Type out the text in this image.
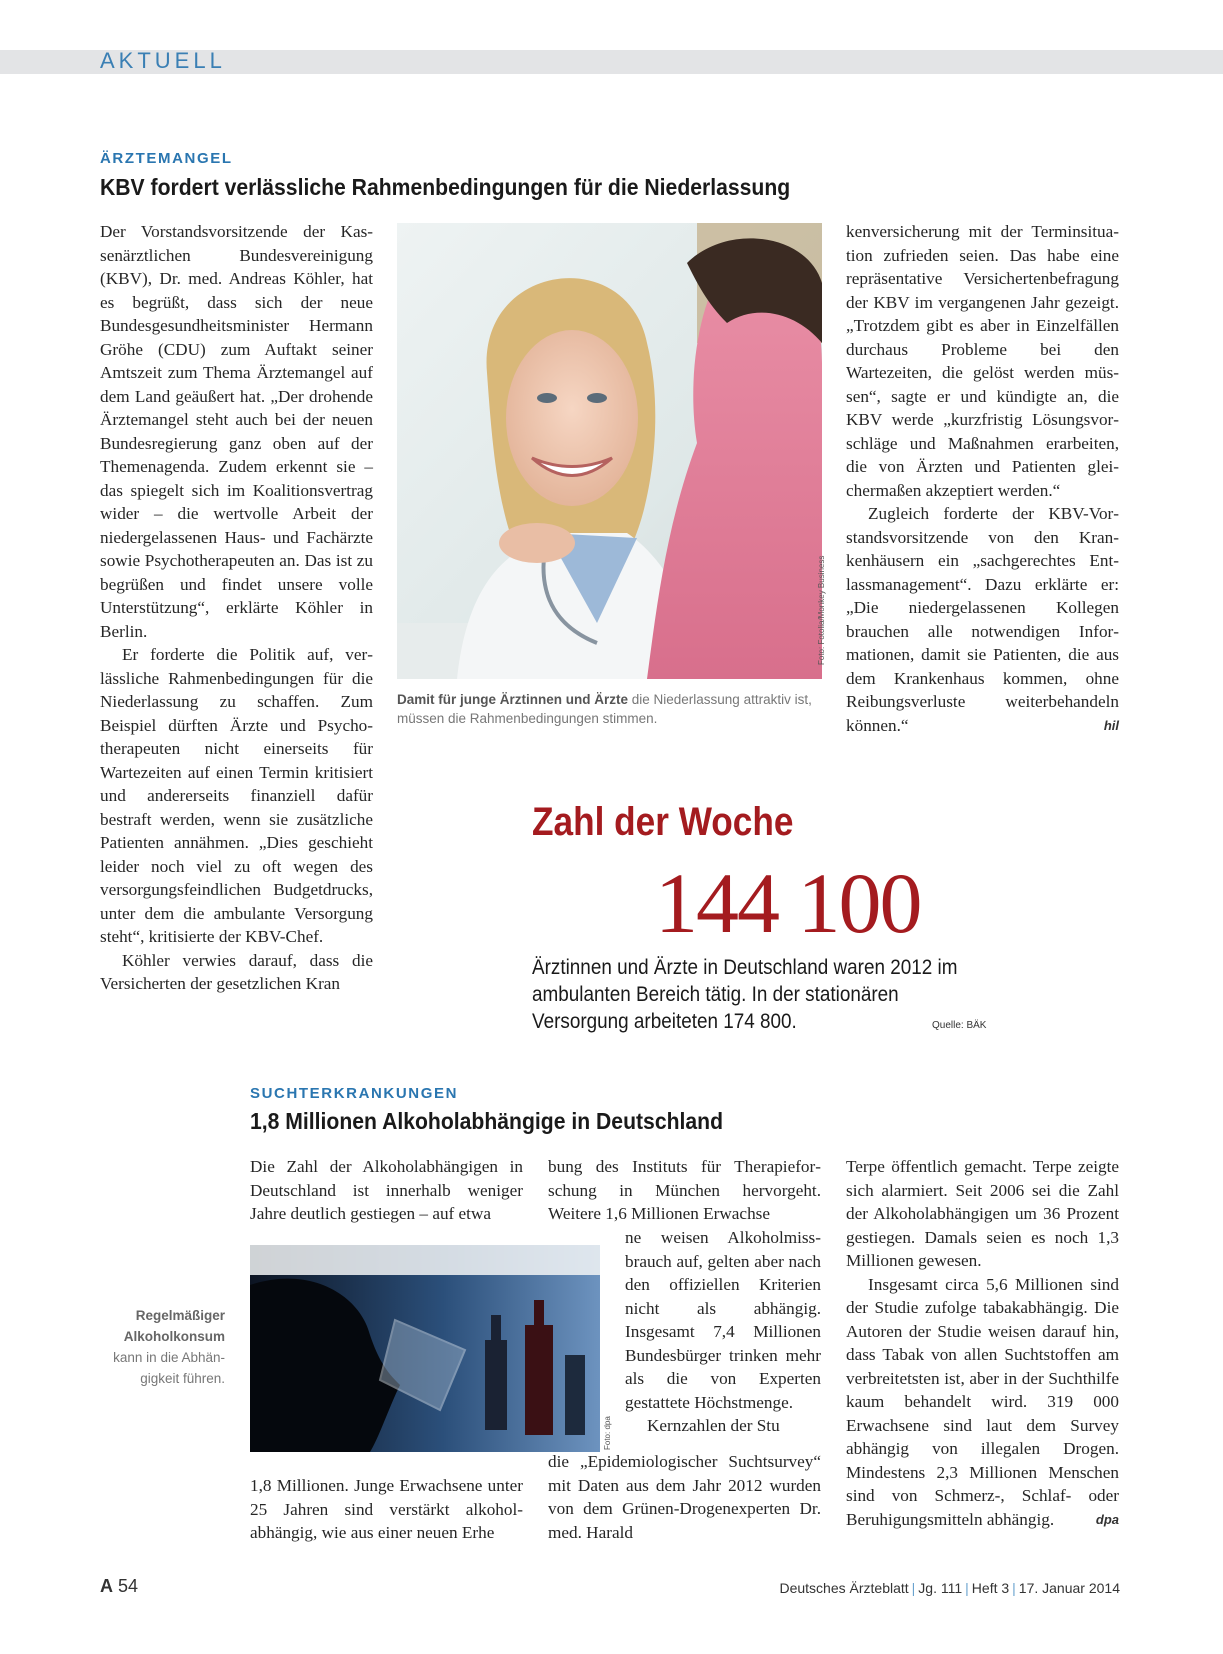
AKTUELL
ÄRZTEMANGEL
KBV fordert verlässliche Rahmenbedingungen für die Niederlassung

Der Vorstandsvorsitzende der Kassenärztlichen Bundesvereinigung (KBV), Dr. med. Andreas Köhler, hat es begrüßt, dass sich der neue Bundesgesundheitsminister Hermann Gröhe (CDU) zum Auftakt seiner Amtszeit zum Thema Ärztemangel auf dem Land geäußert hat. „Der drohende Ärztemangel steht auch bei der neuen Bundesregierung ganz oben auf der Themenagenda. Zudem erkennt sie – das spiegelt sich im Koalitionsvertrag wider – die wertvolle Arbeit der niedergelassenen Haus- und Fachärzte sowie Psychotherapeuten an. Das ist zu begrüßen und findet unsere volle Unterstützung“, erklärte Köhler in Berlin.

Er forderte die Politik auf, verlässliche Rahmenbedingungen für die Niederlassung zu schaffen. Zum Beispiel dürften Ärzte und Psychotherapeuten nicht einerseits für Wartezeiten auf einen Termin kritisiert und andererseits finanziell dafür bestraft werden, wenn sie zusätzliche Patienten annähmen. „Dies geschieht leider noch viel zu oft wegen des versorgungsfeindlichen Budgetdrucks, unter dem die ambulante Versorgung steht“, kritisierte der KBV-Chef.

Köhler verwies darauf, dass die Versicherten der gesetzlichen Kran

Foto: Fotolia/Monkey Business
Damit für junge Ärztinnen und Ärzte die Niederlassung attraktiv ist, müssen die Rahmenbedingungen stimmen.

kenversicherung mit der Terminsituation zufrieden seien. Das habe eine repräsentative Versichertenbefragung der KBV im vergangenen Jahr gezeigt. „Trotzdem gibt es aber in Einzelfällen durchaus Probleme bei den Wartezeiten, die gelöst werden müssen“, sagte er und kündigte an, die KBV werde „kurzfristig Lösungsvorschläge und Maßnahmen erarbeiten, die von Ärzten und Patienten gleichermaßen akzeptiert werden.“

Zugleich forderte der KBV-Vorstandsvorsitzende von den Krankenhäusern ein „sachgerechtes Entlassmanagement“. Dazu erklärte er: „Die niedergelassenen Kollegen brauchen alle notwendigen Informationen, damit sie Patienten, die aus dem Krankenhaus kommen, ohne Reibungsverluste weiterbehandeln können.“	hil

Zahl der Woche
144 100
Ärztinnen und Ärzte in Deutschland waren 2012 im ambulanten Bereich tätig. In der stationären Versorgung arbeiteten 174 800.	Quelle: BÄK
SUCHTERKRANKUNGEN
1,8 Millionen Alkoholabhängige in Deutschland

Die Zahl der Alkoholabhängigen in Deutschland ist innerhalb weniger Jahre deutlich gestiegen – auf etwa

Foto: dpa
Regelmäßiger Alkoholkonsum
kann in die Abhängigkeit führen.

1,8 Millionen. Junge Erwachsene unter 25 Jahren sind verstärkt alkoholabhängig, wie aus einer neuen Erhe

bung des Instituts für Therapieforschung in München hervorgeht. Weitere 1,6 Millionen Erwachse

ne weisen Alkoholmissbrauch auf, gelten aber nach den offiziellen Kriterien nicht als abhängig. Insgesamt 7,4 Millionen Bundesbürger trinken mehr als die von Experten gestattete Höchstmenge.

Kernzahlen der Stu

die „Epidemiologischer Suchtsurvey“ mit Daten aus dem Jahr 2012 wurden von dem Grünen-Drogenexperten Dr. med. Harald

Terpe öffentlich gemacht. Terpe zeigte sich alarmiert. Seit 2006 sei die Zahl der Alkoholabhängigen um 36 Prozent gestiegen. Damals seien es noch 1,3 Millionen gewesen.

Insgesamt circa 5,6 Millionen sind der Studie zufolge tabakabhängig. Die Autoren der Studie weisen darauf hin, dass Tabak von allen Suchtstoffen am verbreitetsten ist, aber in der Suchthilfe kaum behandelt wird. 319 000 Erwachsene sind laut dem Survey abhängig von illegalen Drogen. Mindestens 2,3 Millionen Menschen sind von Schmerz-, Schlaf- oder Beruhigungsmitteln abhängig.	dpa

A 54	Deutsches Ärzteblatt | Jg. 111 | Heft 3 | 17. Januar 2014
